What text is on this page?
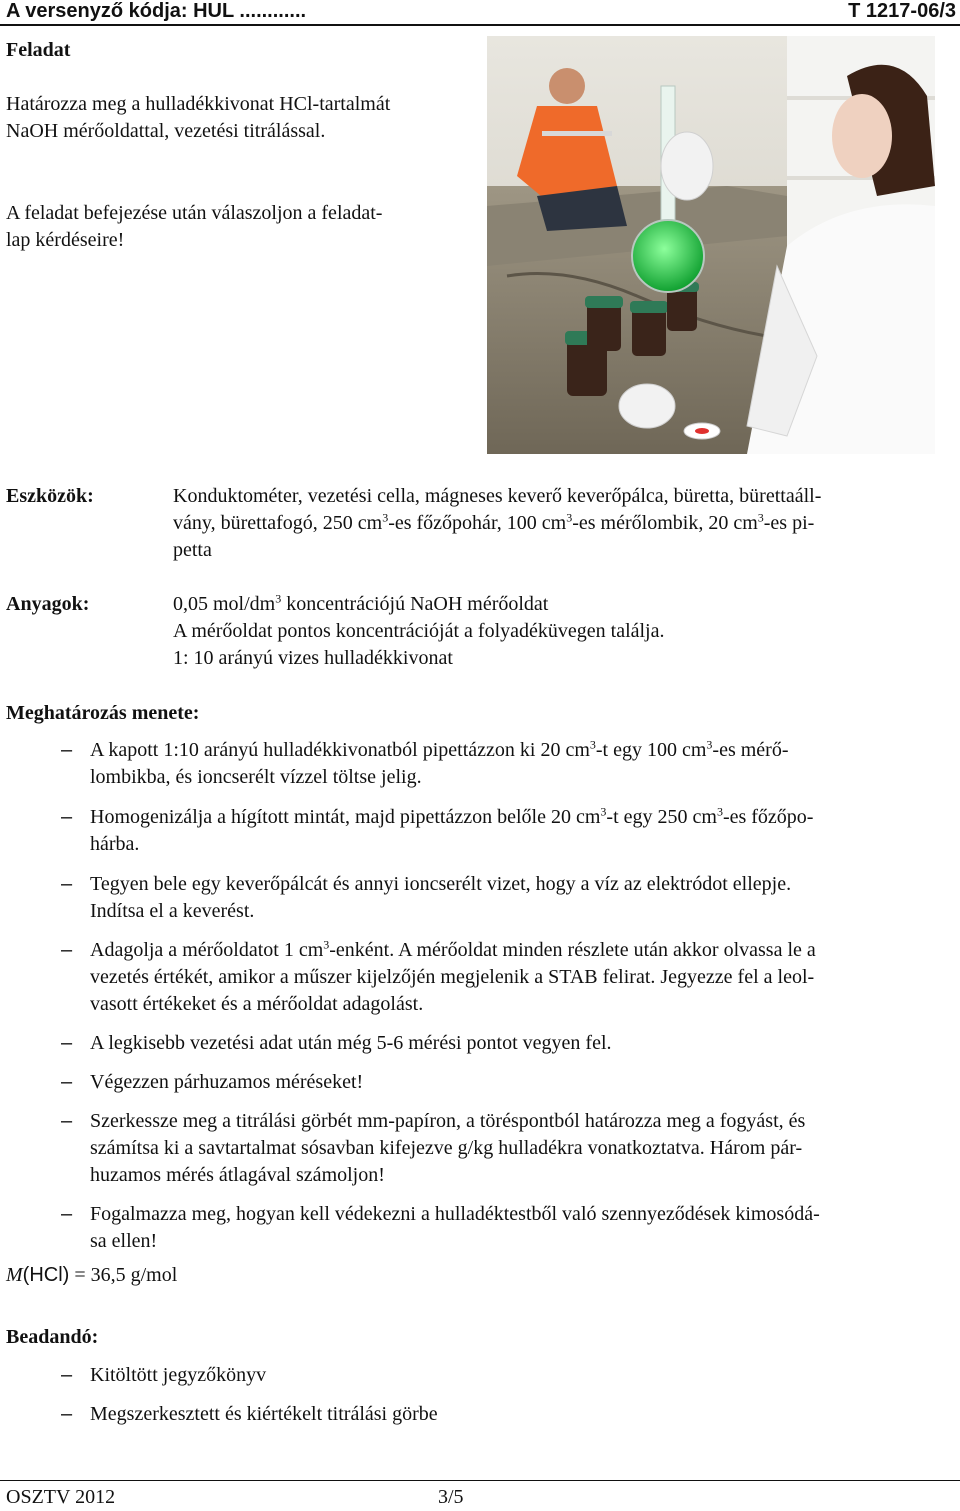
A versenyző kódja: HUL ............	T 1217-06/3
Feladat
Határozza meg a hulladékkivonat HCl-tartalmát
NaOH mérőoldattal, vezetési titrálással.
A feladat befejezése után válaszoljon a feladat-
lap kérdéseire!
Eszközök:	Konduktométer, vezetési cella, mágneses keverő keverőpálca, büretta, bürettaáll-
vány, bürettafogó, 250 $cm^3-es$ főzőpohár, 100 $cm^3-es$ mérőlombik, 20 $cm^3-es$ pi-
petta
Anyagok:	0,05 mol/$dm^3$ koncentrációjú NaOH mérőoldat
A mérőoldat pontos koncentrációját a folyadéküvegen találja.
1: 10 arányú vizes hulladékkivonat
Meghatározás menete:
– A kapott 1:10 arányú hulladékkivonatból pipettázzon ki 20 $cm^3-t$ egy 100 $cm^3-es$ mérő-
lombikba, és ioncserélt vízzel töltse jelig.
– Homogenizálja a hígított mintát, majd pipettázzon belőle 20 $cm^3-t$ egy 250 $cm^3-es$ főzőpo-
hárba.
– Tegyen bele egy keverőpálcát és annyi ioncserélt vizet, hogy a víz az elektródot ellepje.
Indítsa el a keverést.
– Adagolja a mérőoldatot 1 $cm^3$-enként. A mérőoldat minden részlete után akkor olvassa le a
vezetés értékét, amikor a műszer kijelzőjén megjelenik a STAB felirat. Jegyezze fel a leol-
vasott értékeket és a mérőoldat adagolást.
– A legkisebb vezetési adat után még 5-6 mérési pontot vegyen fel.
– Végezzen párhuzamos méréseket!
– Szerkessze meg a titrálási görbét mm-papíron, a töréspontból határozza meg a fogyást, és
számítsa ki a savtartalmat sósavban kifejezve g/kg hulladékra vonatkoztatva. Három pár-
huzamos mérés átlagával számoljon!
– Fogalmazza meg, hogyan kell védekezni a hulladéktestből való szennyeződések kimosódá-
sa ellen!
M(HCl) = 36,5 g/mol
Beadandó:
– Kitöltött jegyzőkönyv
– Megszerkesztett és kiértékelt titrálási görbe
OSZTV 2012	3/5
